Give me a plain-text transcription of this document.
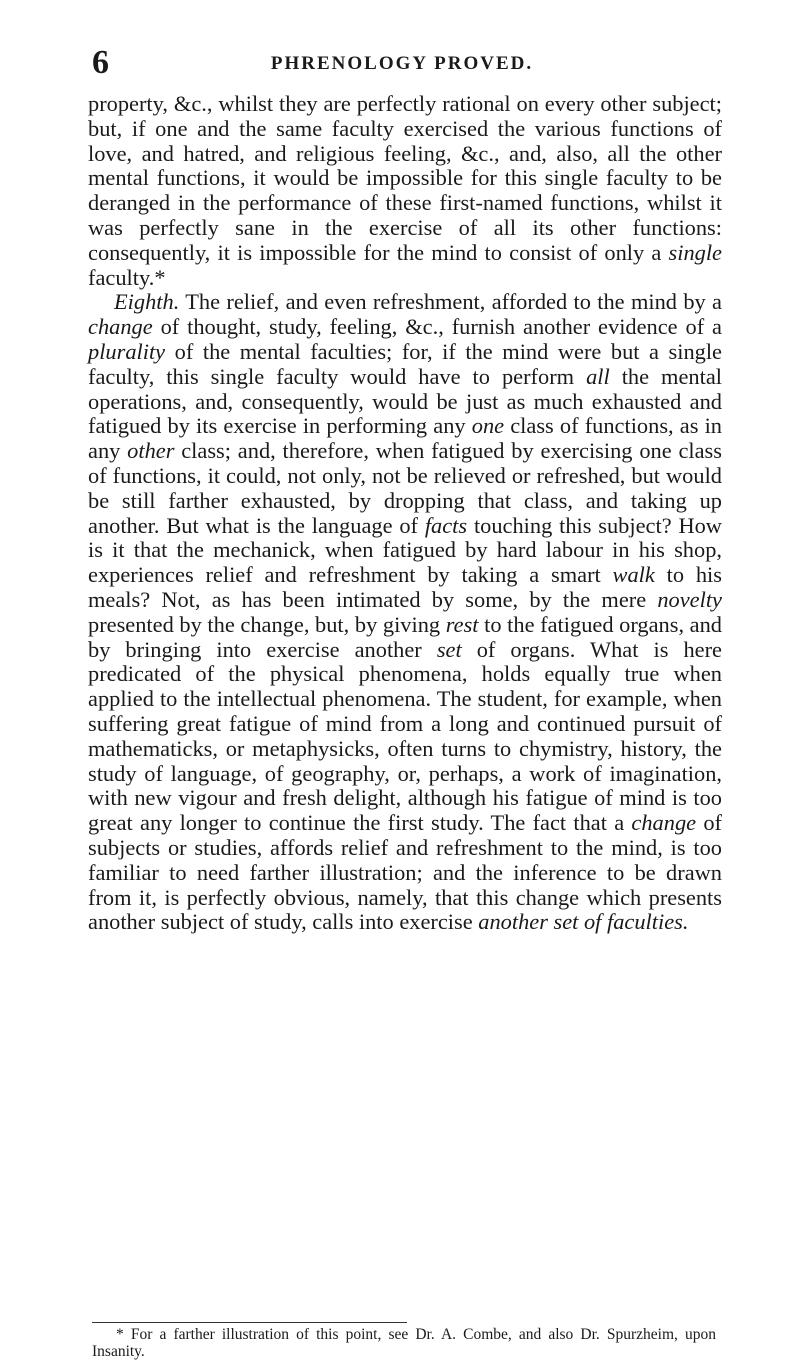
6	PHRENOLOGY PROVED.

property, &c., whilst they are perfectly rational on every other subject; but, if one and the same faculty exercised the various functions of love, and hatred, and religious feeling, &c., and, also, all the other mental functions, it would be impossible for this single faculty to be deranged in the performance of these first-named functions, whilst it was perfectly sane in the exercise of all its other functions: consequently, it is impossible for the mind to consist of only a single faculty.*

Eighth. The relief, and even refreshment, afforded to the mind by a change of thought, study, feeling, &c., furnish another evidence of a plurality of the mental faculties; for, if the mind were but a single faculty, this single faculty would have to perform all the mental operations, and, consequently, would be just as much exhausted and fatigued by its exercise in performing any one class of functions, as in any other class; and, therefore, when fatigued by exercising one class of functions, it could, not only, not be relieved or refreshed, but would be still farther exhausted, by dropping that class, and taking up another. But what is the language of facts touching this subject? How is it that the mechanick, when fatigued by hard labour in his shop, experiences relief and refreshment by taking a smart walk to his meals? Not, as has been intimated by some, by the mere novelty presented by the change, but, by giving rest to the fatigued organs, and by bringing into exercise another set of organs. What is here predicated of the physical phenomena, holds equally true when applied to the intellectual phenomena. The student, for example, when suffering great fatigue of mind from a long and continued pursuit of mathematicks, or metaphysicks, often turns to chymistry, history, the study of language, of geography, or, perhaps, a work of imagination, with new vigour and fresh delight, although his fatigue of mind is too great any longer to continue the first study. The fact that a change of subjects or studies, affords relief and refreshment to the mind, is too familiar to need farther illustration; and the inference to be drawn from it, is perfectly obvious, namely, that this change which presents another subject of study, calls into exercise another set of faculties.

* For a farther illustration of this point, see Dr. A. Combe, and also Dr. Spurzheim, upon Insanity.
